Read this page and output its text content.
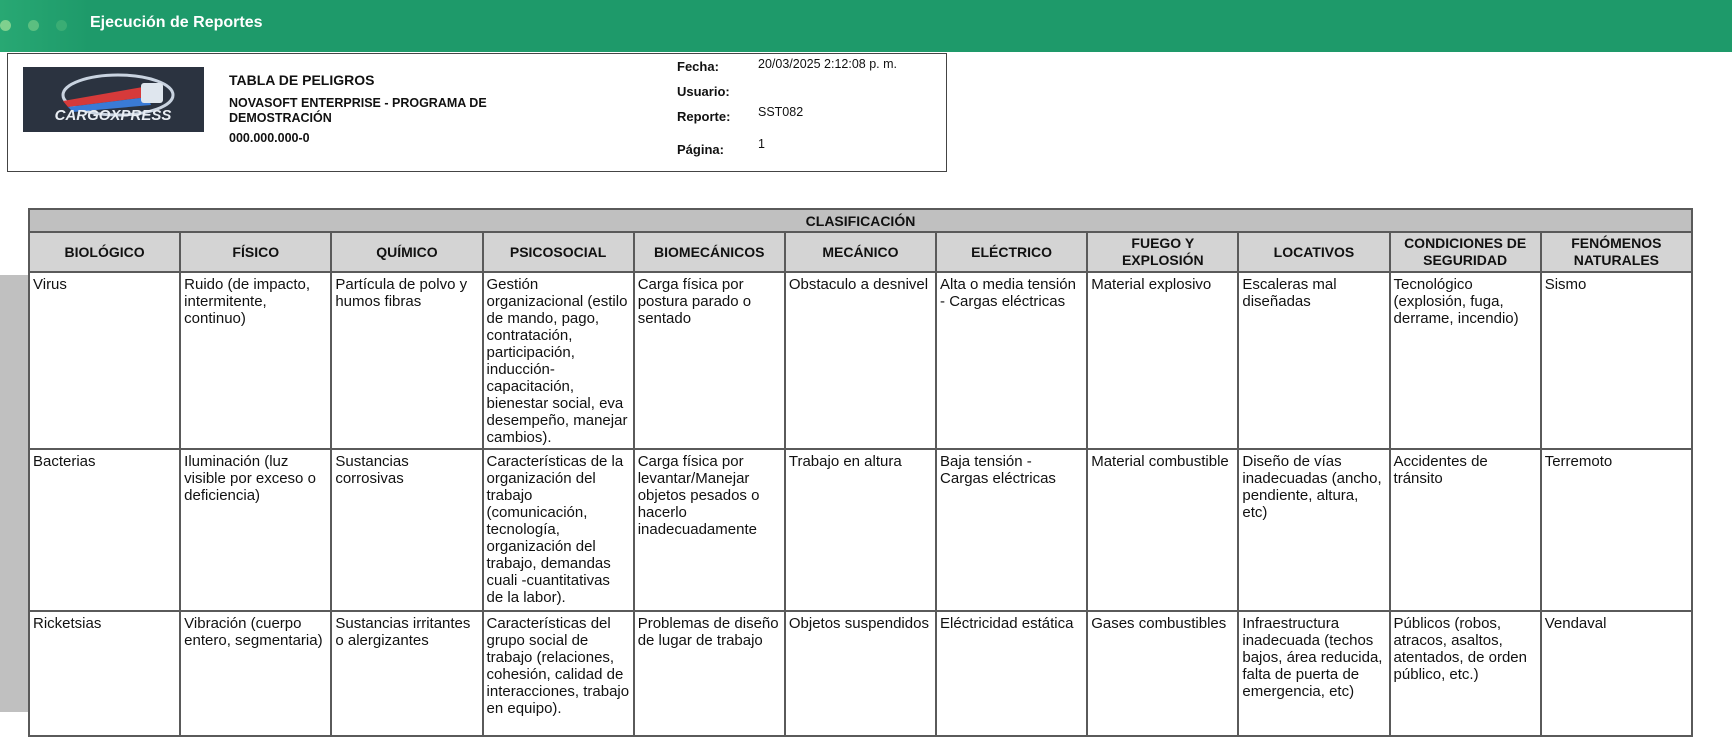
Ejecución de Reportes
CARGOXPRESS
TABLA DE PELIGROS
NOVASOFT ENTERPRISE - PROGRAMA DE DEMOSTRACIÓN
000.000.000-0
Fecha:	20/03/2025 2:12:08 p. m.
Usuario:
Reporte: SST082
Página:	1
CLASIFICACIÓN										
BIOLÓGICO	FÍSICO	QUÍMICO	PSICOSOCIAL	BIOMECÁNICOS	MECÁNICO	ELÉCTRICO	FUEGO Y EXPLOSIÓN	LOCATIVOS	CONDICIONES DE SEGURIDAD	FENÓMENOS NATURALES
Virus	Ruido (de impacto, intermitente, continuo)	Partícula de polvo y humos fibras	Gestión organizacional (estilo de mando, pago, contratación, participación, inducción-capacitación, bienestar social, eva desempeño, manejar cambios).	Carga física por postura parado o sentado	Obstaculo a desnivel	Alta o media tensión - Cargas eléctricas	Material explosivo	Escaleras mal diseñadas	Tecnológico (explosión, fuga, derrame, incendio)	Sismo
Bacterias	Iluminación (luz visible por exceso o deficiencia)	Sustancias corrosivas	Características de la organización del trabajo (comunicación, tecnología, organización del trabajo, demandas cuali -cuantitativas de la labor).	Carga física por levantar/Manejar objetos pesados o hacerlo inadecuadamente	Trabajo en altura	Baja tensión - Cargas eléctricas	Material combustible	Diseño de vías inadecuadas (ancho, pendiente, altura, etc)	Accidentes de tránsito	Terremoto
Ricketsias	Vibración (cuerpo entero, segmentaria)	Sustancias irritantes o alergizantes	Características del grupo social de trabajo (relaciones, cohesión, calidad de interacciones, trabajo en equipo).	Problemas de diseño de lugar de trabajo	Objetos suspendidos	Eléctricidad estática	Gases combustibles	Infraestructura inadecuada (techos bajos, área reducida, falta de puerta de emergencia, etc)	Públicos (robos, atracos, asaltos, atentados, de orden público, etc.)	Vendaval
